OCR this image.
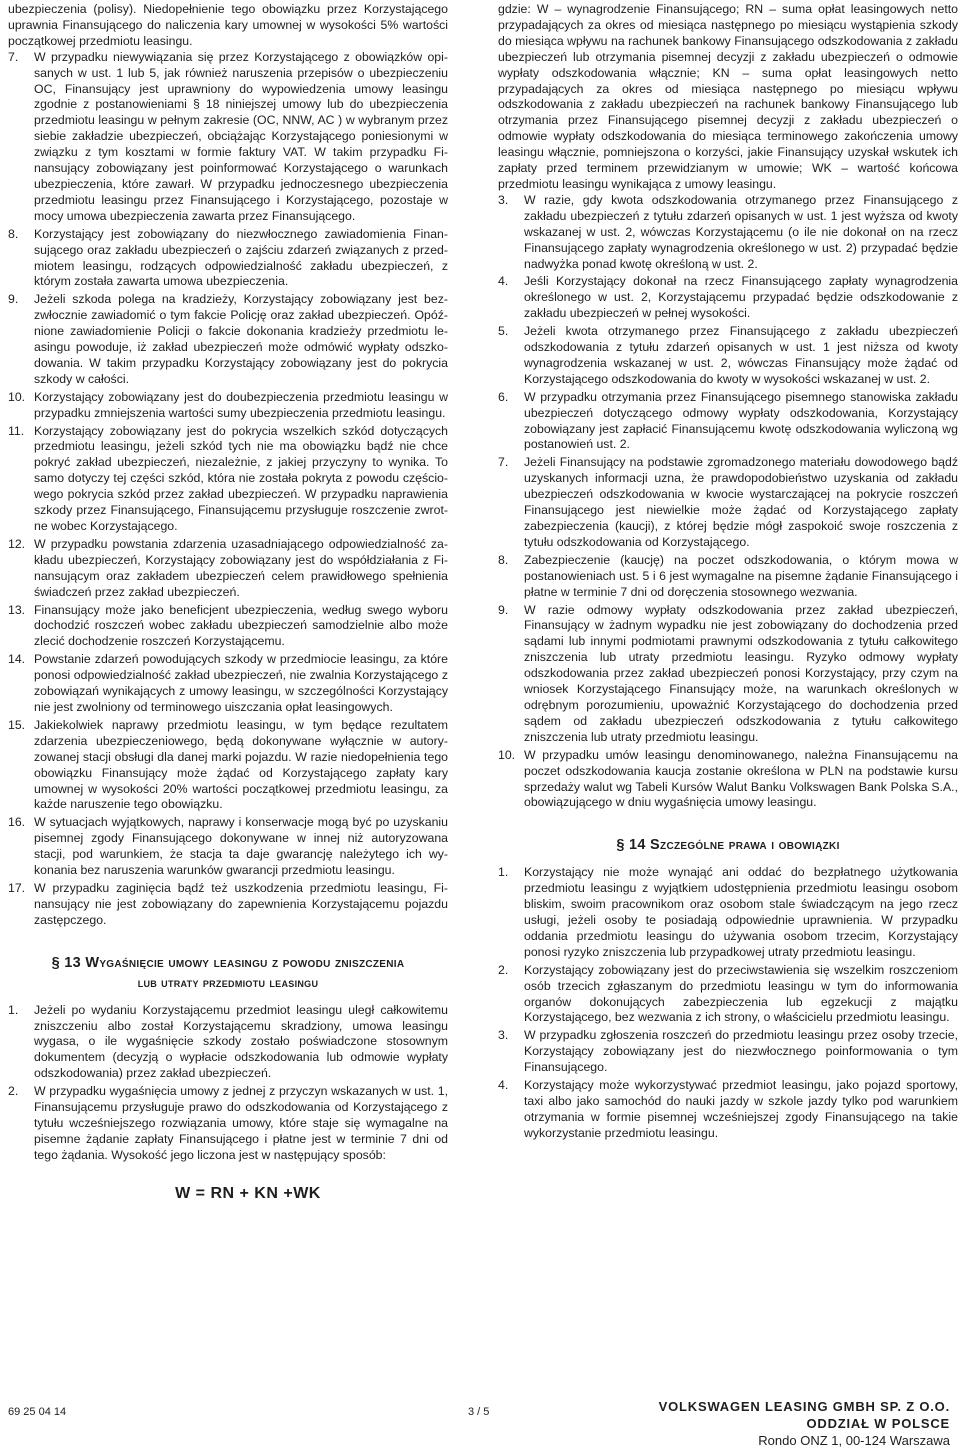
ubezpieczenia (polisy). Niedopełnienie tego obowiązku przez Korzystającego uprawnia Finansującego do naliczenia kary umownej w wysokości 5% wartości początkowej przedmiotu leasingu.

7. W przypadku niewywiązania się przez Korzystającego z obowiązków opisanych w ust. 1 lub 5, jak również naruszenia przepisów o ubezpieczeniu OC, Finansujący jest uprawniony do wypowiedzenia umowy leasingu zgodnie z postanowieniami § 18 niniejszej umowy lub do ubezpieczenia przedmiotu leasingu w pełnym zakresie (OC, NNW, AC ) w wybranym przez siebie zakładzie ubezpieczeń, obciążając Korzystającego poniesionymi w związku z tym kosztami w formie faktury VAT. W takim przypadku Finansujący zobowiązany jest poinformować Korzystającego o warunkach ubezpieczenia, które zawarł. W przypadku jednoczesnego ubezpieczenia przedmiotu leasingu przez Finansującego i Korzystającego, pozostaje w mocy umowa ubezpieczenia zawarta przez Finansującego.
8. Korzystający jest zobowiązany do niezwłocznego zawiadomienia Finansującego oraz zakładu ubezpieczeń o zajściu zdarzeń związanych z przedmiotem leasingu, rodzących odpowiedzialność zakładu ubezpieczeń, z którym została zawarta umowa ubezpieczenia.
9. Jeżeli szkoda polega na kradzieży, Korzystający zobowiązany jest bezzwłocznie zawiadomić o tym fakcie Policję oraz zakład ubezpieczeń. Opóźnione zawiadomienie Policji o fakcie dokonania kradzieży przedmiotu leasingu powoduje, iż zakład ubezpieczeń może odmówić wypłaty odszkodowania. W takim przypadku Korzystający zobowiązany jest do pokrycia szkody w całości.
10. Korzystający zobowiązany jest do doubezpieczenia przedmiotu leasingu w przypadku zmniejszenia wartości sumy ubezpieczenia przedmiotu leasingu.
11. Korzystający zobowiązany jest do pokrycia wszelkich szkód dotyczących przedmiotu leasingu, jeżeli szkód tych nie ma obowiązku bądź nie chce pokryć zakład ubezpieczeń, niezależnie, z jakiej przyczyny to wynika. To samo dotyczy tej części szkód, która nie została pokryta z powodu częściowego pokrycia szkód przez zakład ubezpieczeń. W przypadku naprawienia szkody przez Finansującego, Finansującemu przysługuje roszczenie zwrotne wobec Korzystającego.
12. W przypadku powstania zdarzenia uzasadniającego odpowiedzialność zakładu ubezpieczeń, Korzystający zobowiązany jest do współdziałania z Finansującym oraz zakładem ubezpieczeń celem prawidłowego spełnienia świadczeń przez zakład ubezpieczeń.
13. Finansujący może jako beneficjent ubezpieczenia, według swego wyboru dochodzić roszczeń wobec zakładu ubezpieczeń samodzielnie albo może zlecić dochodzenie roszczeń Korzystającemu.
14. Powstanie zdarzeń powodujących szkody w przedmiocie leasingu, za które ponosi odpowiedzialność zakład ubezpieczeń, nie zwalnia Korzystającego z zobowiązań wynikających z umowy leasingu, w szczególności Korzystający nie jest zwolniony od terminowego uiszczania opłat leasingowych.
15. Jakiekolwiek naprawy przedmiotu leasingu, w tym będące rezultatem zdarzenia ubezpieczeniowego, będą dokonywane wyłącznie w autoryzowanej stacji obsługi dla danej marki pojazdu. W razie niedopełnienia tego obowiązku Finansujący może żądać od Korzystającego zapłaty kary umownej w wysokości 20% wartości początkowej przedmiotu leasingu, za każde naruszenie tego obowiązku.
16. W sytuacjach wyjątkowych, naprawy i konserwacje mogą być po uzyskaniu pisemnej zgody Finansującego dokonywane w innej niż autoryzowana stacji, pod warunkiem, że stacja ta daje gwarancję należytego ich wykonania bez naruszenia warunków gwarancji przedmiotu leasingu.
17. W przypadku zaginięcia bądź też uszkodzenia przedmiotu leasingu, Finansujący nie jest zobowiązany do zapewnienia Korzystającemu pojazdu zastępczego.
§ 13 Wygaśnięcie umowy leasingu z powodu zniszczenia
lub utraty przedmiotu leasingu
1. Jeżeli po wydaniu Korzystającemu przedmiot leasingu uległ całkowitemu zniszczeniu albo został Korzystającemu skradziony, umowa leasingu wygasa, o ile wygaśnięcie szkody zostało poświadczone stosownym dokumentem (decyzją o wypłacie odszkodowania lub odmowie wypłaty odszkodowania) przez zakład ubezpieczeń.
2. W przypadku wygaśnięcia umowy z jednej z przyczyn wskazanych w ust. 1, Finansującemu przysługuje prawo do odszkodowania od Korzystającego z tytułu wcześniejszego rozwiązania umowy, które staje się wymagalne na pisemne żądanie zapłaty Finansującego i płatne jest w terminie 7 dni od tego żądania. Wysokość jego liczona jest w następujący sposób:
W = RN + KN +WK

gdzie: W – wynagrodzenie Finansującego; RN – suma opłat leasingowych netto przypadających za okres od miesiąca następnego po miesiącu wystąpienia szkody do miesiąca wpływu na rachunek bankowy Finansującego odszkodowania z zakładu ubezpieczeń lub otrzymania pisemnej decyzji z zakładu ubezpieczeń o odmowie wypłaty odszkodowania włącznie; KN – suma opłat leasingowych netto przypadających za okres od miesiąca następnego po miesiącu wpływu odszkodowania z zakładu ubezpieczeń na rachunek bankowy Finansującego lub otrzymania przez Finansującego pisemnej decyzji z zakładu ubezpieczeń o odmowie wypłaty odszkodowania do miesiąca terminowego zakończenia umowy leasingu włącznie, pomniejszona o korzyści, jakie Finansujący uzyskał wskutek ich zapłaty przed terminem przewidzianym w umowie; WK – wartość końcowa przedmiotu leasingu wynikająca z umowy leasingu.

3. W razie, gdy kwota odszkodowania otrzymanego przez Finansującego z zakładu ubezpieczeń z tytułu zdarzeń opisanych w ust. 1 jest wyższa od kwoty wskazanej w ust. 2, wówczas Korzystającemu (o ile nie dokonał on na rzecz Finansującego zapłaty wynagrodzenia określonego w ust. 2) przypadać będzie nadwyżka ponad kwotę określoną w ust. 2.
4. Jeśli Korzystający dokonał na rzecz Finansującego zapłaty wynagrodzenia określonego w ust. 2, Korzystającemu przypadać będzie odszkodowanie z zakładu ubezpieczeń w pełnej wysokości.
5. Jeżeli kwota otrzymanego przez Finansującego z zakładu ubezpieczeń odszkodowania z tytułu zdarzeń opisanych w ust. 1 jest niższa od kwoty wynagrodzenia wskazanej w ust. 2, wówczas Finansujący może żądać od Korzystającego odszkodowania do kwoty w wysokości wskazanej w ust. 2.
6. W przypadku otrzymania przez Finansującego pisemnego stanowiska zakładu ubezpieczeń dotyczącego odmowy wypłaty odszkodowania, Korzystający zobowiązany jest zapłacić Finansującemu kwotę odszkodowania wyliczoną wg postanowień ust. 2.
7. Jeżeli Finansujący na podstawie zgromadzonego materiału dowodowego bądź uzyskanych informacji uzna, że prawdopodobieństwo uzyskania od zakładu ubezpieczeń odszkodowania w kwocie wystarczającej na pokrycie roszczeń Finansującego jest niewielkie może żądać od Korzystającego zapłaty zabezpieczenia (kaucji), z której będzie mógł zaspokoić swoje roszczenia z tytułu odszkodowania od Korzystającego.
8. Zabezpieczenie (kaucję) na poczet odszkodowania, o którym mowa w postanowieniach ust. 5 i 6 jest wymagalne na pisemne żądanie Finansującego i płatne w terminie 7 dni od doręczenia stosownego wezwania.
9. W razie odmowy wypłaty odszkodowania przez zakład ubezpieczeń, Finansujący w żadnym wypadku nie jest zobowiązany do dochodzenia przed sądami lub innymi podmiotami prawnymi odszkodowania z tytułu całkowitego zniszczenia lub utraty przedmiotu leasingu. Ryzyko odmowy wypłaty odszkodowania przez zakład ubezpieczeń ponosi Korzystający, przy czym na wniosek Korzystającego Finansujący może, na warunkach określonych w odrębnym porozumieniu, upoważnić Korzystającego do dochodzenia przed sądem od zakładu ubezpieczeń odszkodowania z tytułu całkowitego zniszczenia lub utraty przedmiotu leasingu.
10. W przypadku umów leasingu denominowanego, należna Finansującemu na poczet odszkodowania kaucja zostanie określona w PLN na podstawie kursu sprzedaży walut wg Tabeli Kursów Walut Banku Volkswagen Bank Polska S.A., obowiązującego w dniu wygaśnięcia umowy leasingu.
§ 14 Szczególne prawa i obowiązki
1. Korzystający nie może wynająć ani oddać do bezpłatnego użytkowania przedmiotu leasingu z wyjątkiem udostępnienia przedmiotu leasingu osobom bliskim, swoim pracownikom oraz osobom stale świadczącym na jego rzecz usługi, jeżeli osoby te posiadają odpowiednie uprawnienia. W przypadku oddania przedmiotu leasingu do używania osobom trzecim, Korzystający ponosi ryzyko zniszczenia lub przypadkowej utraty przedmiotu leasingu.
2. Korzystający zobowiązany jest do przeciwstawienia się wszelkim roszczeniom osób trzecich zgłaszanym do przedmiotu leasingu w tym do informowania organów dokonujących zabezpieczenia lub egzekucji z majątku Korzystającego, bez wezwania z ich strony, o właścicielu przedmiotu leasingu.
3. W przypadku zgłoszenia roszczeń do przedmiotu leasingu przez osoby trzecie, Korzystający zobowiązany jest do niezwłocznego poinformowania o tym Finansującego.
4. Korzystający może wykorzystywać przedmiot leasingu, jako pojazd sportowy, taxi albo jako samochód do nauki jazdy w szkole jazdy tylko pod warunkiem otrzymania w formie pisemnej wcześniejszej zgody Finansującego na takie wykorzystanie przedmiotu leasingu.
69 25 04 14	3 / 5	VOLKSWAGEN LEASING GMBH SP. Z O.O.
ODDZIAŁ W POLSCE
Rondo ONZ 1, 00-124 Warszawa
